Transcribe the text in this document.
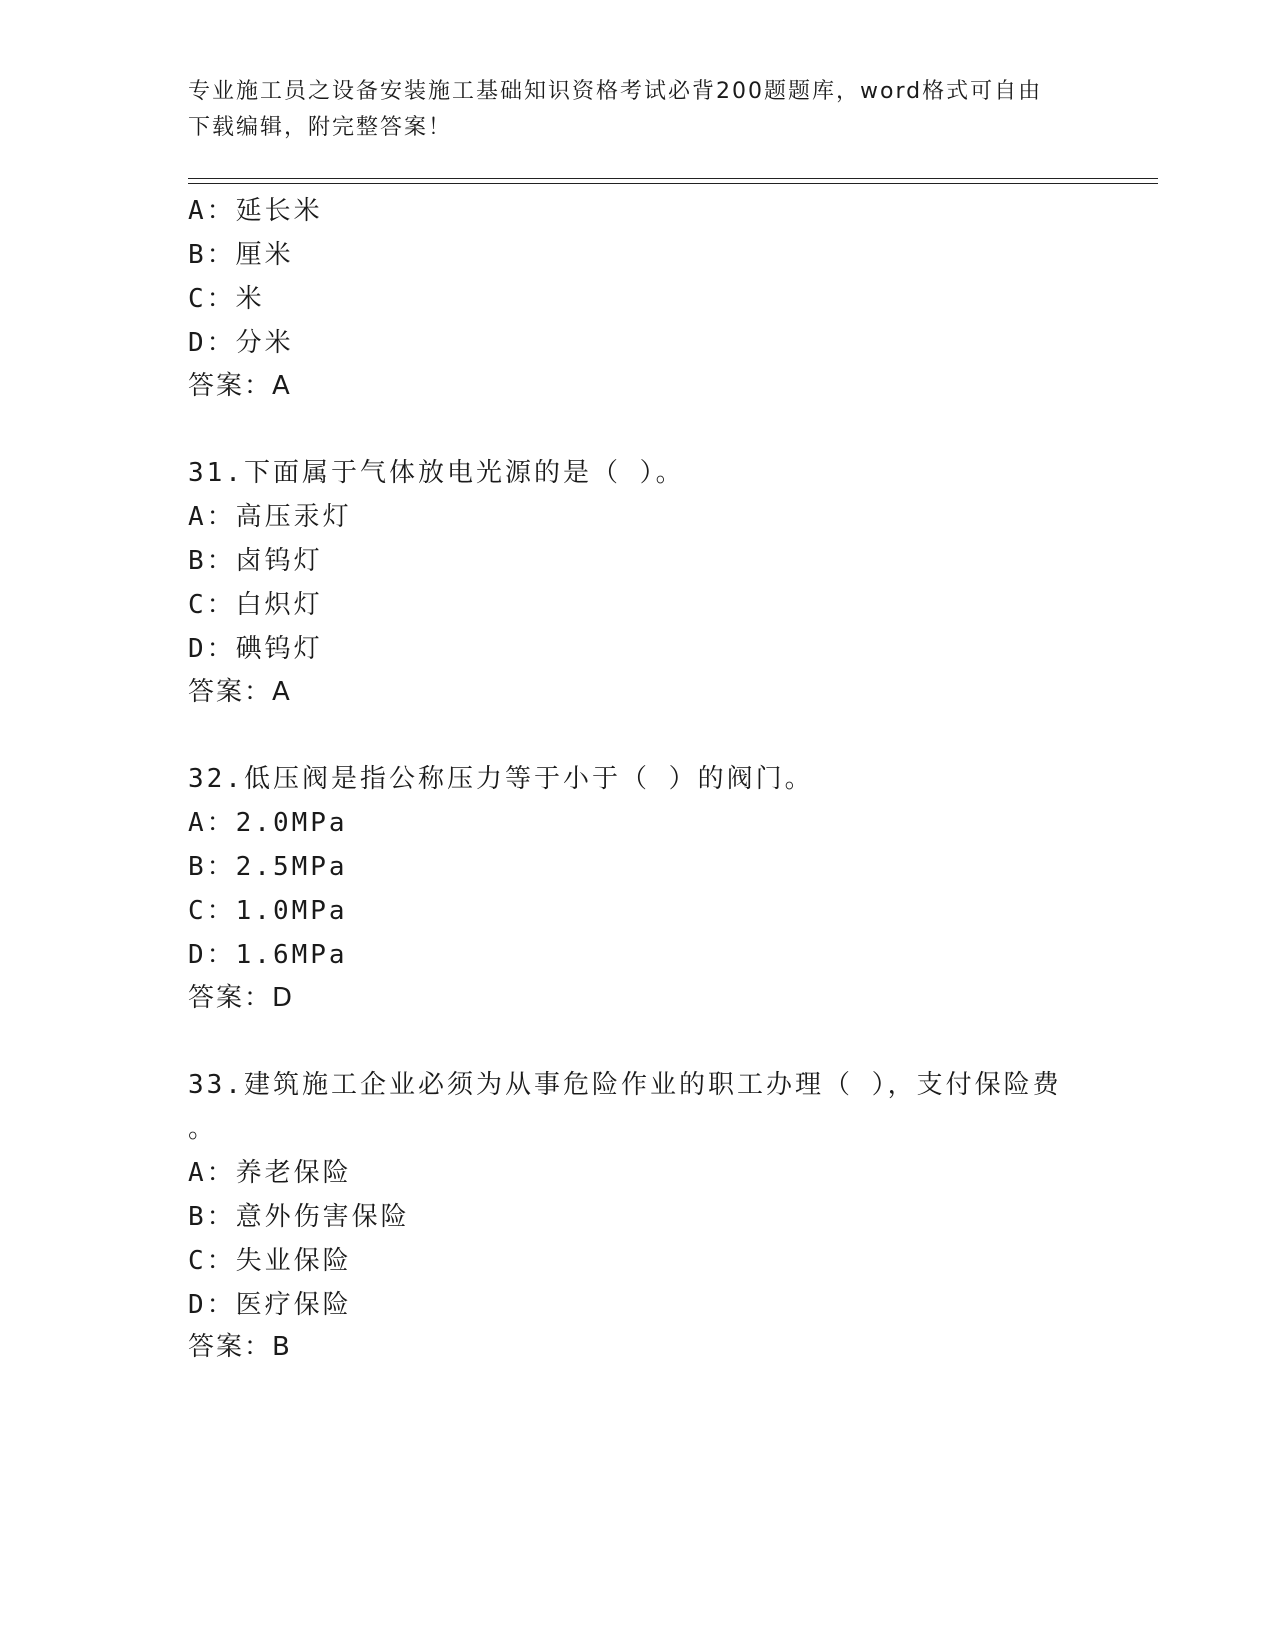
专业施工员之设备安装施工基础知识资格考试必背200题题库，word格式可自由
下载编辑，附完整答案！
A：延长米
B：厘米
C：米
D：分米
答案：A
31.下面属于气体放电光源的是（ ）。
A：高压汞灯
B：卤钨灯
C：白炽灯
D：碘钨灯
答案：A
32.低压阀是指公称压力等于小于（ ）的阀门。
A：2.0MPa
B：2.5MPa
C：1.0MPa
D：1.6MPa
答案：D
33.建筑施工企业必须为从事危险作业的职工办理（ ），支付保险费
。
A：养老保险
B：意外伤害保险
C：失业保险
D：医疗保险
答案：B
